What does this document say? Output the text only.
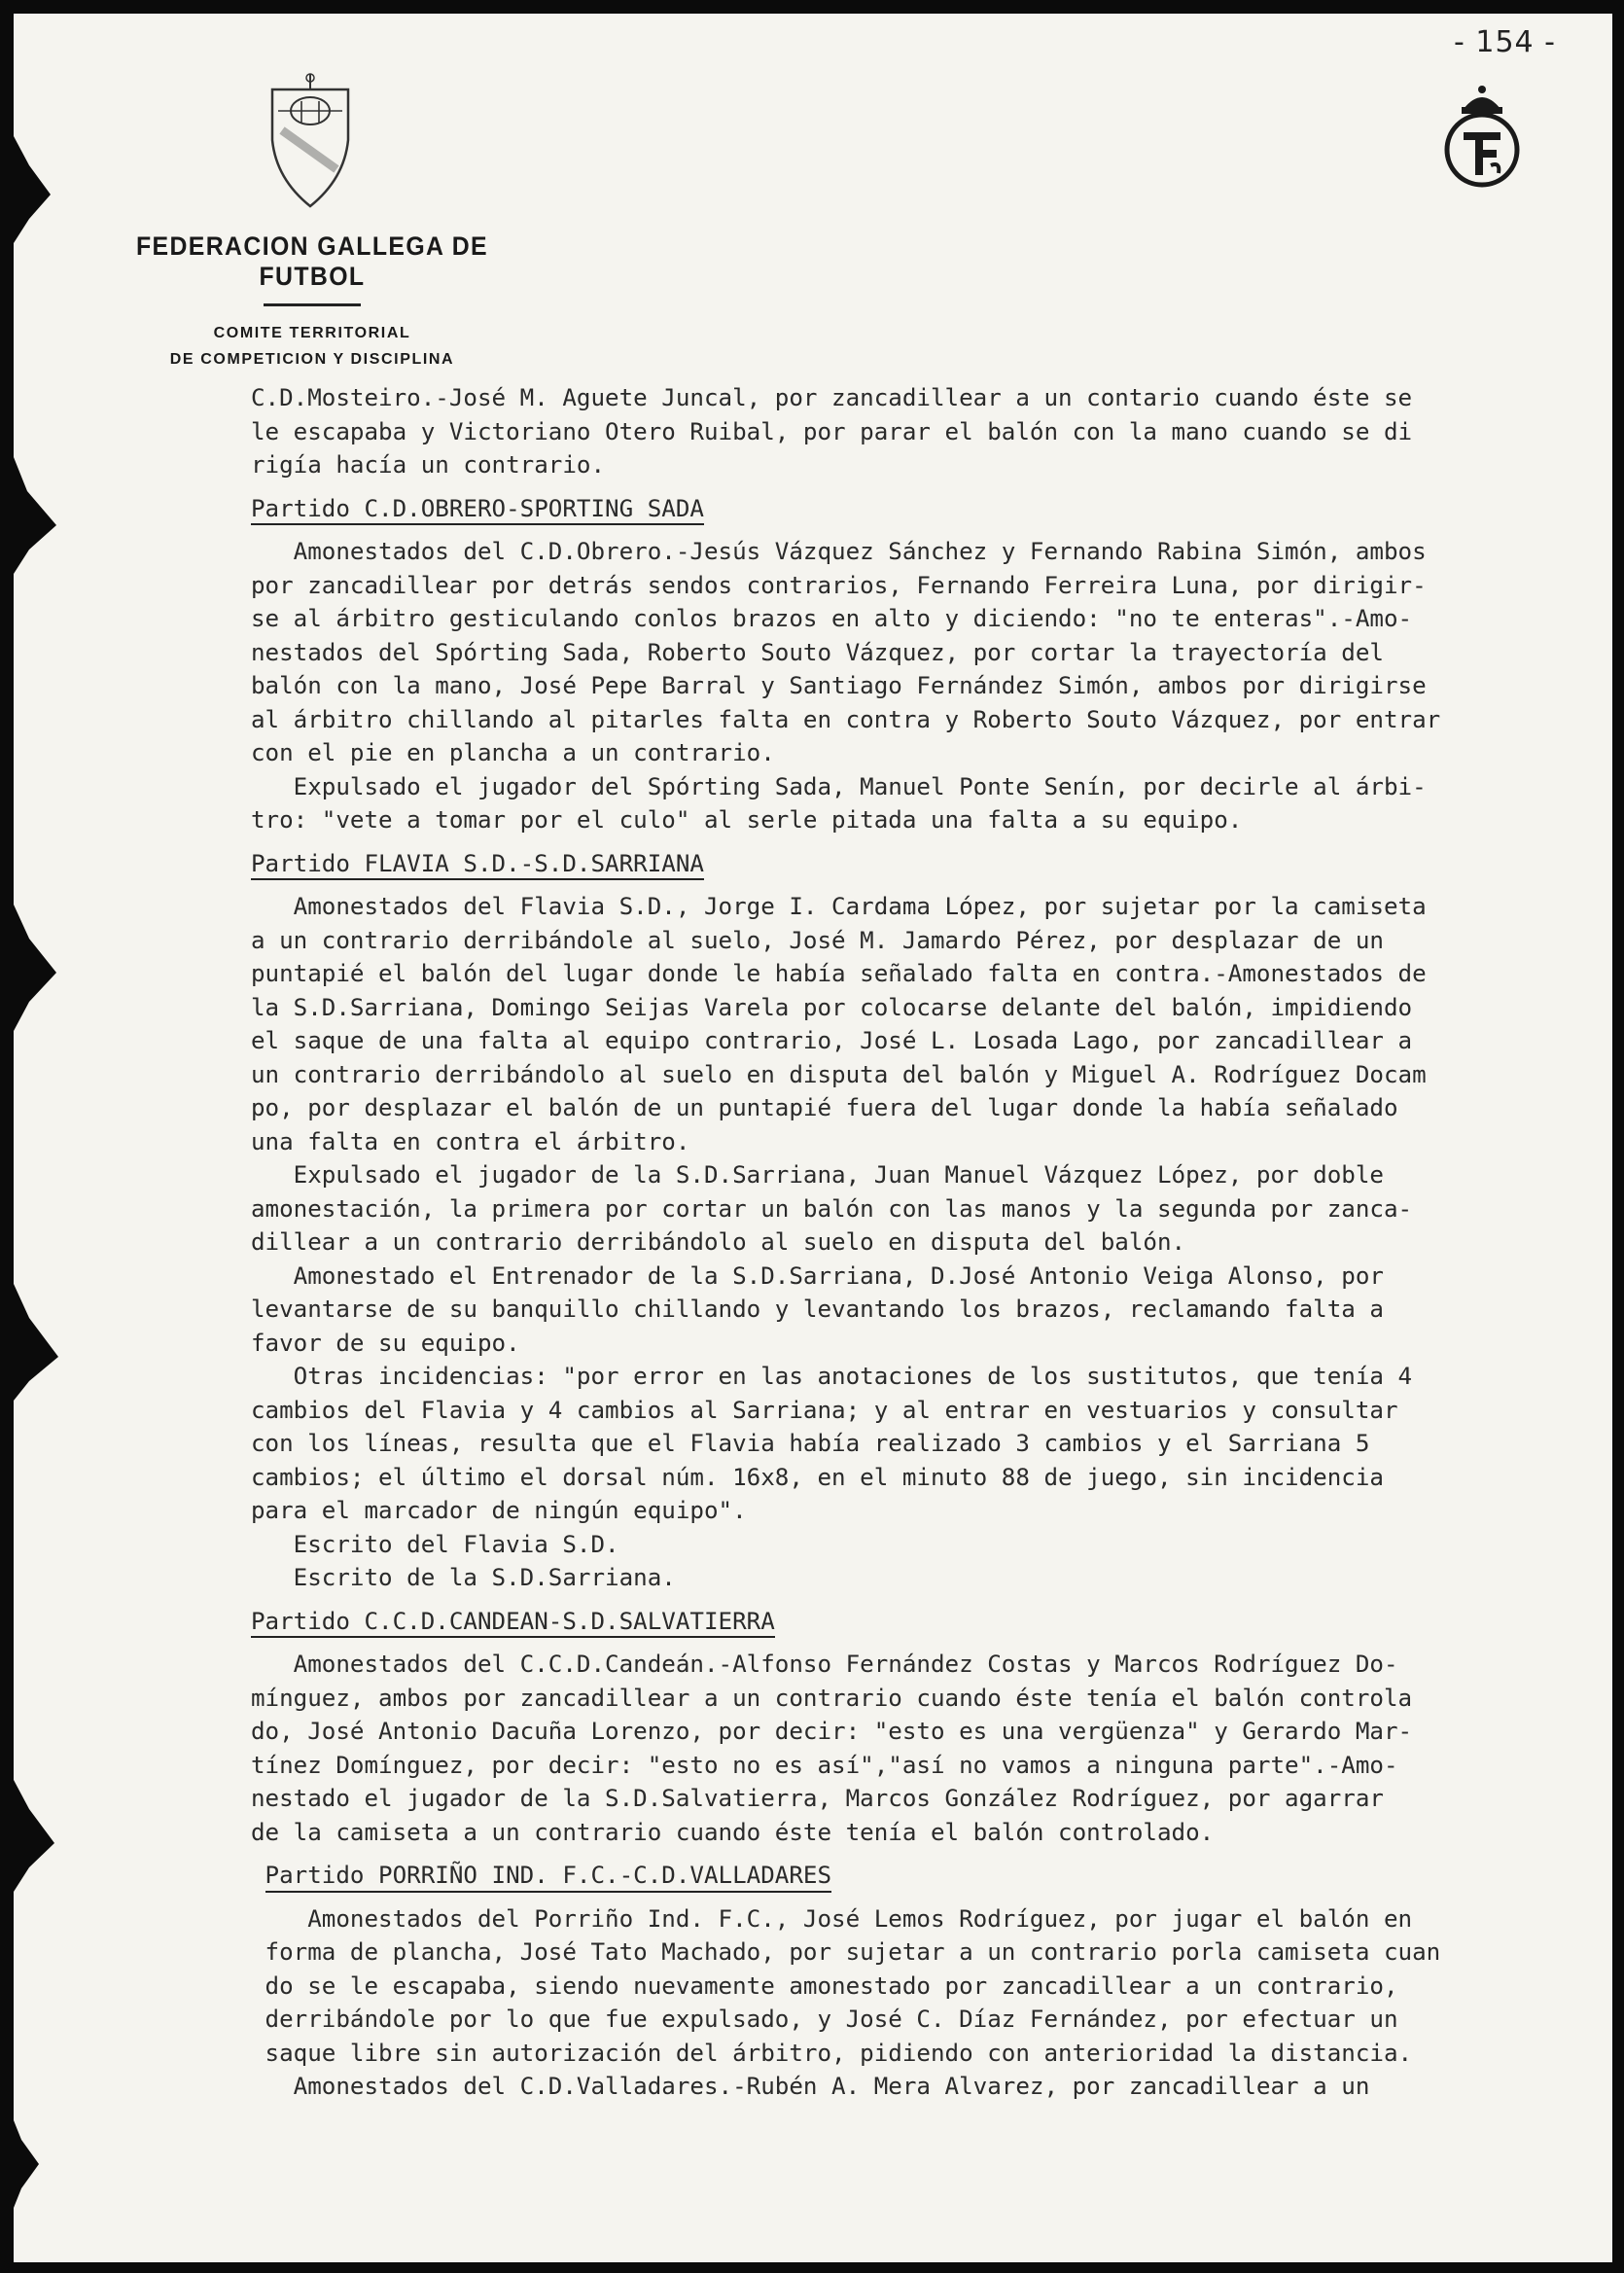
- 154 -
FEDERACION GALLEGA DE FUTBOL
COMITE TERRITORIAL
DE COMPETICION Y DISCIPLINA
C.D.Mosteiro.-José M. Aguete Juncal, por zancadillear a un contario cuando éste se
le escapaba y Victoriano Otero Ruibal, por parar el balón con la mano cuando se di
rigía hacía un contrario.
Partido C.D.OBRERO-SPORTING SADA
Amonestados del C.D.Obrero.-Jesús Vázquez Sánchez y Fernando Rabina Simón, ambos
por zancadillear por detrás sendos contrarios, Fernando Ferreira Luna, por dirigir-
se al árbitro gesticulando conlos brazos en alto y diciendo: "no te enteras".-Amo-
nestados del Spórting Sada, Roberto Souto Vázquez, por cortar la trayectoría del
balón con la mano, José Pepe Barral y Santiago Fernández Simón, ambos por dirigirse
al árbitro chillando al pitarles falta en contra y Roberto Souto Vázquez, por entrar
con el pie en plancha a un contrario.
Expulsado el jugador del Spórting Sada, Manuel Ponte Senín, por decirle al árbi-
tro: "vete a tomar por el culo" al serle pitada una falta a su equipo.
Partido FLAVIA S.D.-S.D.SARRIANA
Amonestados del Flavia S.D., Jorge I. Cardama López, por sujetar por la camiseta
a un contrario derribándole al suelo, José M. Jamardo Pérez, por desplazar de un
puntapié el balón del lugar donde le había señalado falta en contra.-Amonestados de
la S.D.Sarriana, Domingo Seijas Varela por colocarse delante del balón, impidiendo
el saque de una falta al equipo contrario, José L. Losada Lago, por zancadillear a
un contrario derribándolo al suelo en disputa del balón y Miguel A. Rodríguez Docam
po, por desplazar el balón de un puntapié fuera del lugar donde la había señalado
una falta en contra el árbitro.
Expulsado el jugador de la S.D.Sarriana, Juan Manuel Vázquez López, por doble
amonestación, la primera por cortar un balón con las manos y la segunda por zanca-
dillear a un contrario derribándolo al suelo en disputa del balón.
Amonestado el Entrenador de la S.D.Sarriana, D.José Antonio Veiga Alonso, por
levantarse de su banquillo chillando y levantando los brazos, reclamando falta a
favor de su equipo.
Otras incidencias: "por error en las anotaciones de los sustitutos, que tenía 4
cambios del Flavia y 4 cambios al Sarriana; y al entrar en vestuarios y consultar
con los líneas, resulta que el Flavia había realizado 3 cambios y el Sarriana 5
cambios; el último el dorsal núm. 16x8, en el minuto 88 de juego, sin incidencia
para el marcador de ningún equipo".
Escrito del Flavia S.D.
Escrito de la S.D.Sarriana.
Partido C.C.D.CANDEAN-S.D.SALVATIERRA
Amonestados del C.C.D.Candeán.-Alfonso Fernández Costas y Marcos Rodríguez Do-
mínguez, ambos por zancadillear a un contrario cuando éste tenía el balón controla
do, José Antonio Dacuña Lorenzo, por decir: "esto es una vergüenza" y Gerardo Mar-
tínez Domínguez, por decir: "esto no es así","así no vamos a ninguna parte".-Amo-
nestado el jugador de la S.D.Salvatierra, Marcos González Rodríguez, por agarrar
de la camiseta a un contrario cuando éste tenía el balón controlado.
Partido PORRIÑO IND. F.C.-C.D.VALLADARES
Amonestados del Porriño Ind. F.C., José Lemos Rodríguez, por jugar el balón en
forma de plancha, José Tato Machado, por sujetar a un contrario porla camiseta cuan
do se le escapaba, siendo nuevamente amonestado por zancadillear a un contrario,
derribándole por lo que fue expulsado, y José C. Díaz Fernández, por efectuar un
saque libre sin autorización del árbitro, pidiendo con anterioridad la distancia.
Amonestados del C.D.Valladares.-Rubén A. Mera Alvarez, por zancadillear a un
